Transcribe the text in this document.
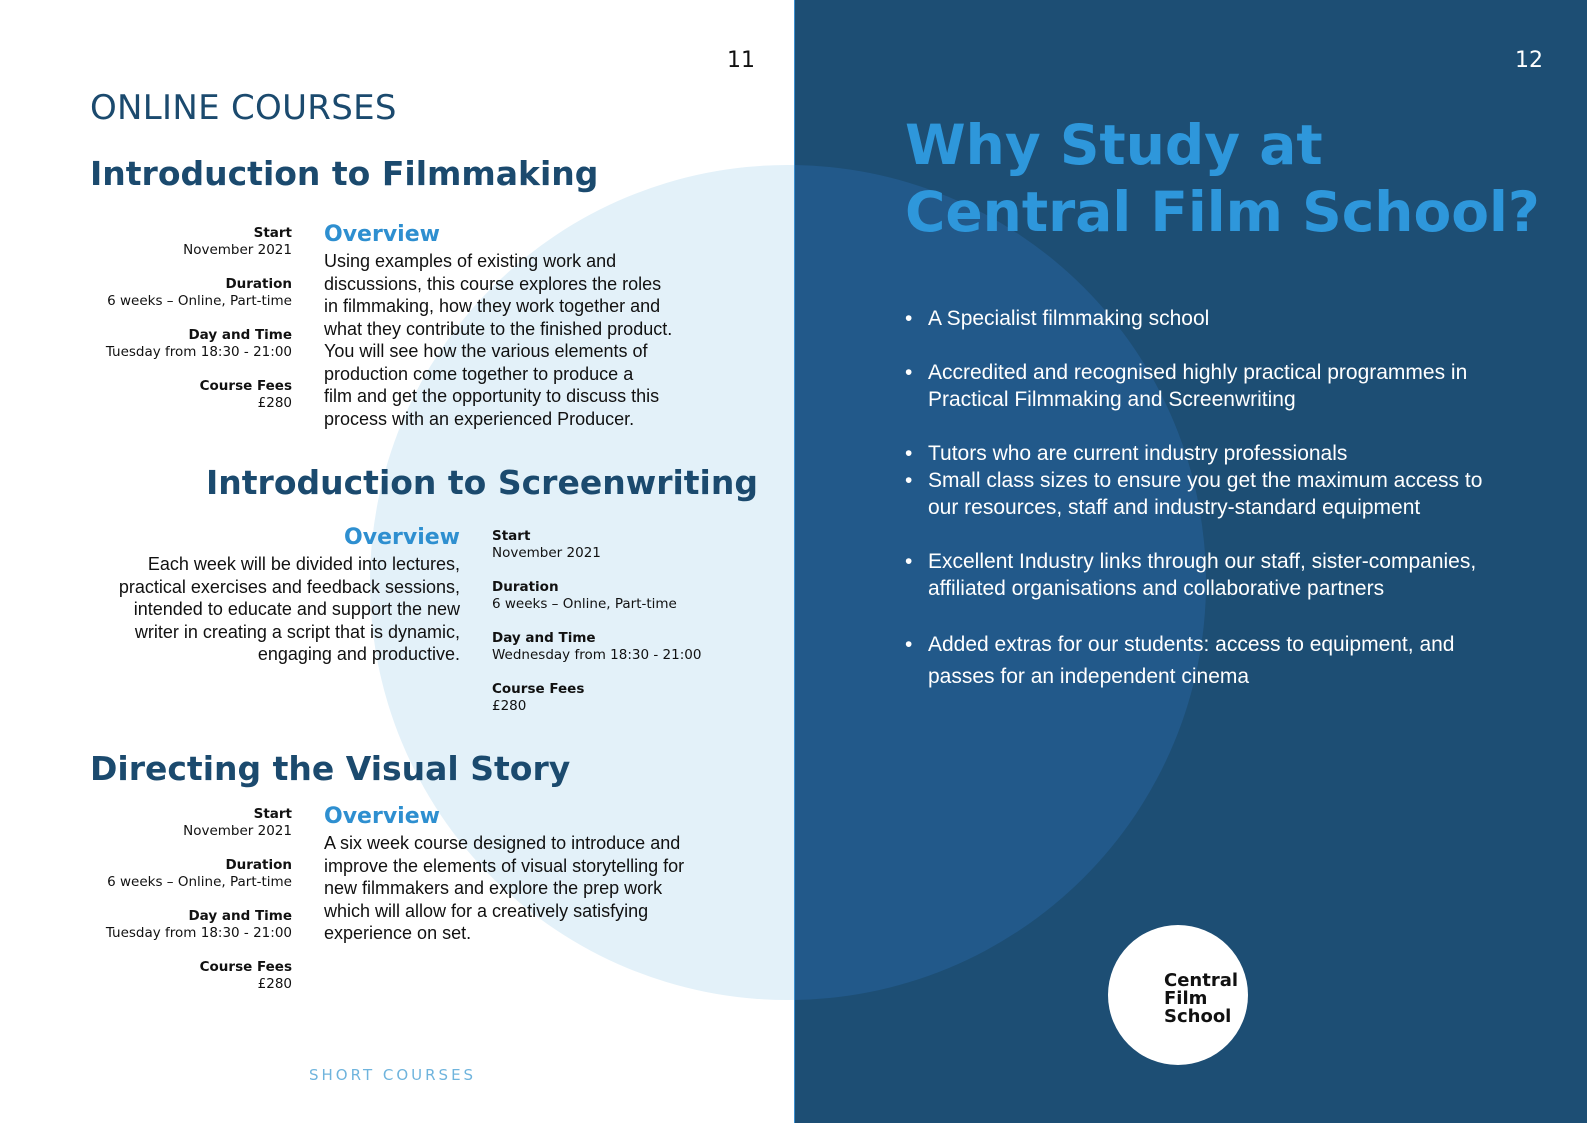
11
ONLINE COURSES
Introduction to Filmmaking
Start
November 2021
Duration
6 weeks – Online, Part-time
Day and Time
Tuesday from 18:30 - 21:00
Course Fees
£280
Overview
Using examples of existing work and
discussions, this course explores the roles
in filmmaking, how they work together and
what they contribute to the finished product.
You will see how the various elements of
production come together to produce a
film and get the opportunity to discuss this
process with an experienced Producer.
Introduction to Screenwriting
Overview
Each week will be divided into lectures,
practical exercises and feedback sessions,
intended to educate and support the new
writer in creating a script that is dynamic,
engaging and productive.
Start
November 2021
Duration
6 weeks – Online, Part-time
Day and Time
Wednesday from 18:30 - 21:00
Course Fees
£280
Directing the Visual Story
Start
November 2021
Duration
6 weeks – Online, Part-time
Day and Time
Tuesday from 18:30 - 21:00
Course Fees
£280
Overview
A six week course designed to introduce and
improve the elements of visual storytelling for
new filmmakers and explore the prep work
which will allow for a creatively satisfying
experience on set.
SHORT COURSES
12
Why Study at
Central Film School?
• A Specialist filmmaking school
• Accredited and recognised highly practical programmes in Practical Filmmaking and Screenwriting
• Tutors who are current industry professionals
• Small class sizes to ensure you get the maximum access to our resources, staff and industry-standard equipment
• Excellent Industry links through our staff, sister-companies, affiliated organisations and collaborative partners
• Added extras for our students: access to equipment, and passes for an independent cinema
Central
Film
School
